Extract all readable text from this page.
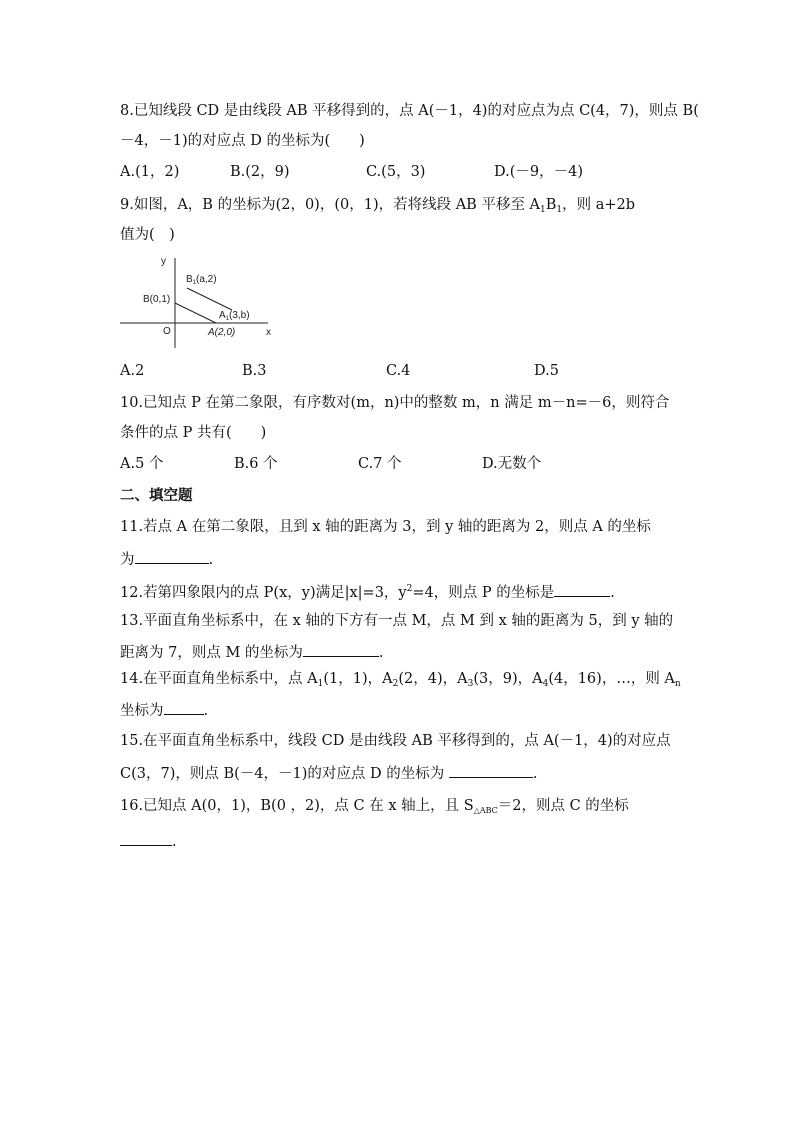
8.已知线段 CD 是由线段 AB 平移得到的，点 A(－1，4)的对应点为点 C(4，7)，则点 B(
－4，－1)的对应点 D 的坐标为(　　)
A.(1，2)	B.(2，9)	C.(5，3)	D.(－9，－4)
9.如图，A，B 的坐标为(2，0)，(0，1)，若将线段 AB 平移至 $A_1B_1$，则 a+2b
值为(　)
y
x
O
B(0,1)
A(2,0)
$B_1(a,2)$
$A_1(3,b)$
A.2	B.3	C.4	D.5
10.已知点 P 在第二象限，有序数对(m，n)中的整数 m，n 满足 m－n=－6，则符合
条件的点 P 共有(　　)
A.5 个	B.6 个	C.7 个	D.无数个
二、填空题
11.若点 A 在第二象限，且到 x 轴的距离为 3，到 y 轴的距离为 2，则点 A 的坐标
为	.
12.若第四象限内的点 P(x，y)满足|x|=3，$y^2=4$，则点 P 的坐标是	.
13.平面直角坐标系中，在 x 轴的下方有一点 M，点 M 到 x 轴的距离为 5，到 y 轴的
距离为 7，则点 M 的坐标为	.
14.在平面直角坐标系中，点 $A_1(1$，1)，$A_2(2$，4)，$A_3(3$，9)，$A_4(4$，16)，…，则 $A_n$
坐标为	.
15.在平面直角坐标系中，线段 CD 是由线段 AB 平移得到的，点 A(－1，4)的对应点
C(3，7)，则点 B(－4，－1)的对应点 D 的坐标为	.
16.已知点 A(0，1)，B(0 ，2)，点 C 在 x 轴上，且 $S_{\triangle ABC}=2$，则点 C 的坐标
.
